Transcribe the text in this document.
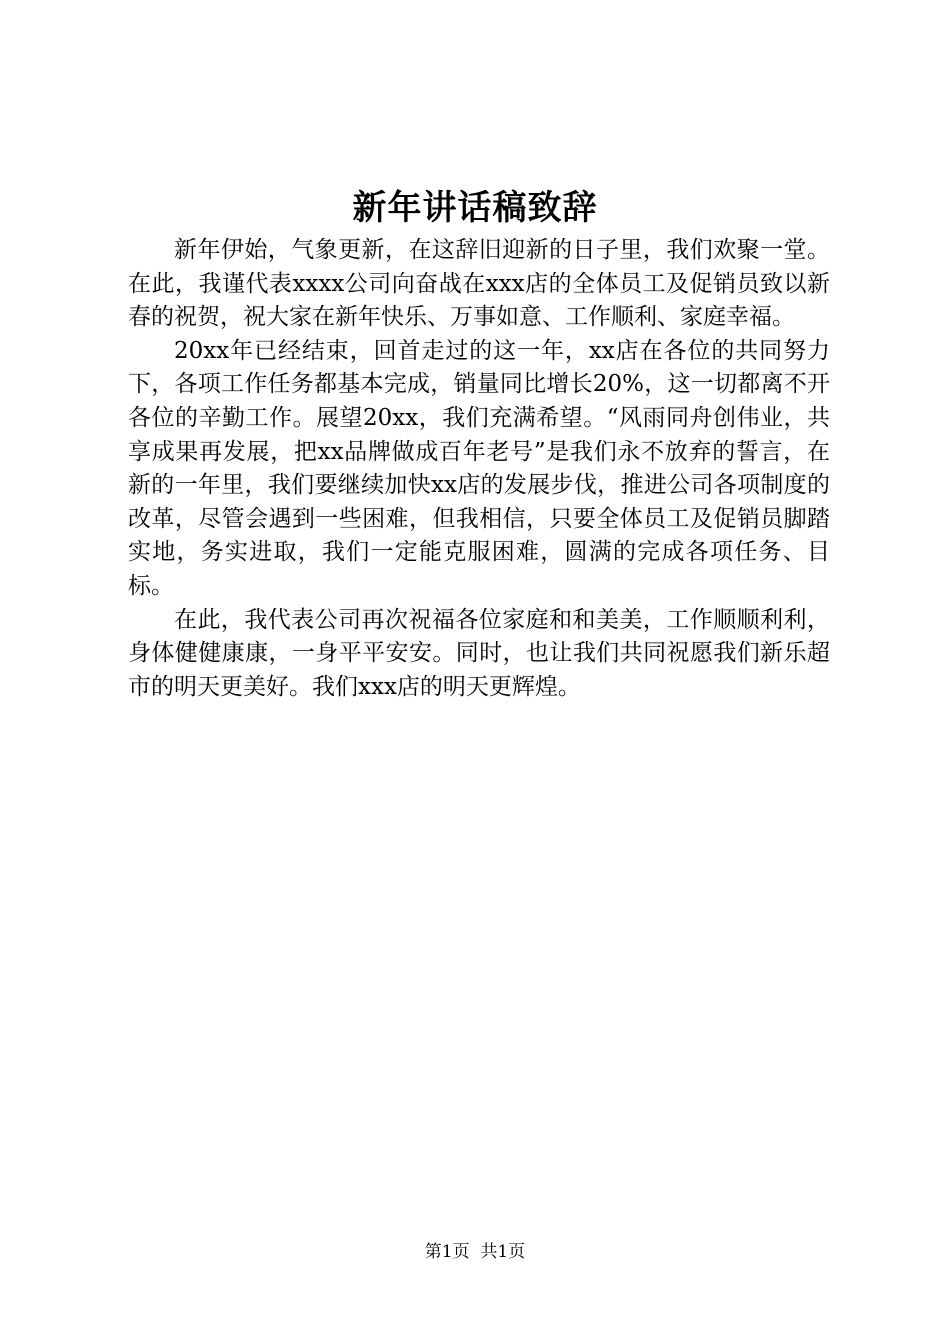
新年讲话稿致辞

新年伊始，气象更新，在这辞旧迎新的日子里，我们欢聚一堂。在此，我谨代表xxxx公司向奋战在xxx店的全体员工及促销员致以新春的祝贺，祝大家在新年快乐、万事如意、工作顺利、家庭幸福。

20xx年已经结束，回首走过的这一年，xx店在各位的共同努力下，各项工作任务都基本完成，销量同比增长20%，这一切都离不开各位的辛勤工作。展望20xx，我们充满希望。“风雨同舟创伟业，共享成果再发展，把xx品牌做成百年老号”是我们永不放弃的誓言，在新的一年里，我们要继续加快xx店的发展步伐，推进公司各项制度的改革，尽管会遇到一些困难，但我相信，只要全体员工及促销员脚踏实地，务实进取，我们一定能克服困难，圆满的完成各项任务、目标。

在此，我代表公司再次祝福各位家庭和和美美，工作顺顺利利，身体健健康康，一身平平安安。同时，也让我们共同祝愿我们新乐超市的明天更美好。我们xxx店的明天更辉煌。

第1页  共1页
